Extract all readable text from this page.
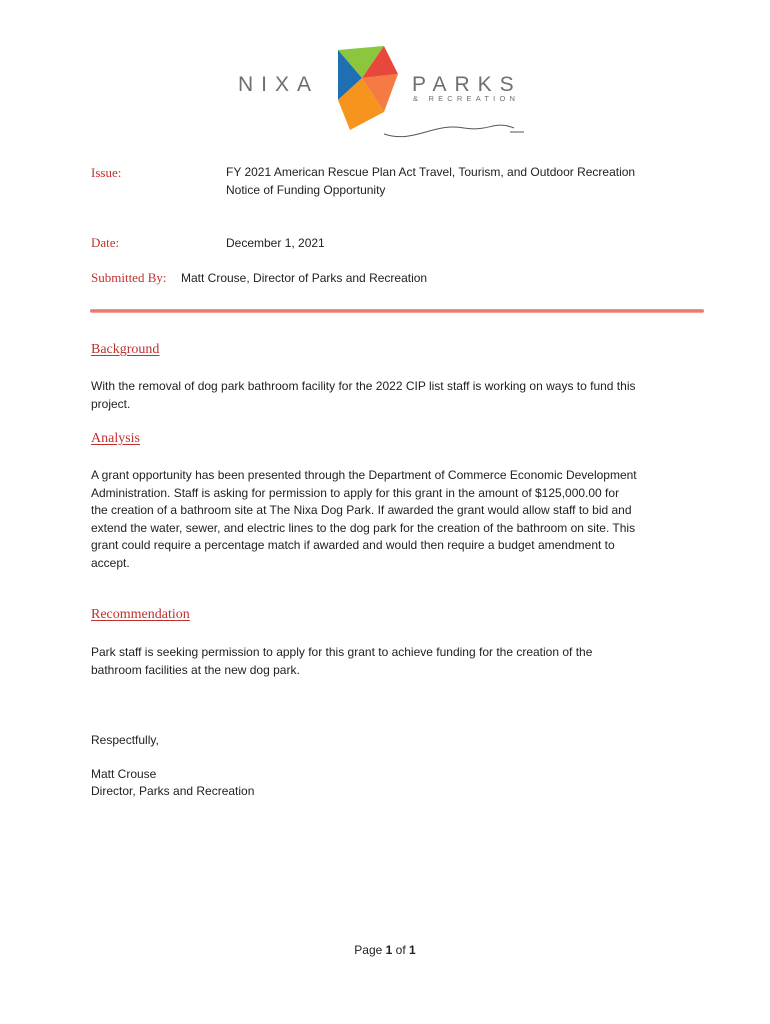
NIXA	PARKS
& RECREATION
Issue:	FY 2021 American Rescue Plan Act Travel, Tourism, and Outdoor Recreation
Notice of Funding Opportunity
Date:	December 1, 2021
Submitted By: Matt Crouse, Director of Parks and Recreation
Background
With the removal of dog park bathroom facility for the 2022 CIP list staff is working on ways to fund this
project.
Analysis
A grant opportunity has been presented through the Department of Commerce Economic Development
Administration. Staff is asking for permission to apply for this grant in the amount of $125,000.00 for
the creation of a bathroom site at The Nixa Dog Park. If awarded the grant would allow staff to bid and
extend the water, sewer, and electric lines to the dog park for the creation of the bathroom on site. This
grant could require a percentage match if awarded and would then require a budget amendment to
accept.
Recommendation
Park staff is seeking permission to apply for this grant to achieve funding for the creation of the
bathroom facilities at the new dog park.
Respectfully,
Matt Crouse
Director, Parks and Recreation
Page 1 of 1
